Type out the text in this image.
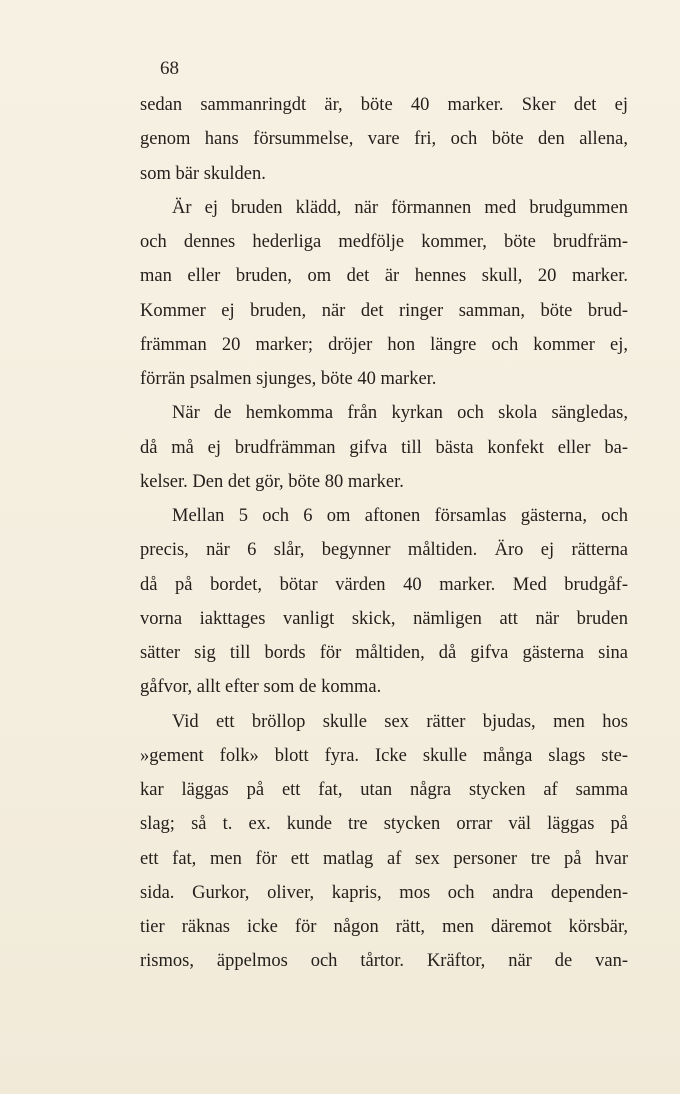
68
sedan sammanringdt är, böte 40 marker. Sker det ej
genom hans försummelse, vare fri, och böte den allena,
som bär skulden.
Är ej bruden klädd, när förmannen med brudgummen
och dennes hederliga medfölje kommer, böte brudfräm-
man eller bruden, om det är hennes skull, 20 marker.
Kommer ej bruden, när det ringer samman, böte brud-
främman 20 marker; dröjer hon längre och kommer ej,
förrän psalmen sjunges, böte 40 marker.
När de hemkomma från kyrkan och skola sängledas,
då må ej brudfrämman gifva till bästa konfekt eller ba-
kelser. Den det gör, böte 80 marker.
Mellan 5 och 6 om aftonen församlas gästerna, och
precis, när 6 slår, begynner måltiden. Äro ej rätterna
då på bordet, bötar värden 40 marker. Med brudgåf-
vorna iakttages vanligt skick, nämligen att när bruden
sätter sig till bords för måltiden, då gifva gästerna sina
gåfvor, allt efter som de komma.
Vid ett bröllop skulle sex rätter bjudas, men hos
»gement folk» blott fyra. Icke skulle många slags ste-
kar läggas på ett fat, utan några stycken af samma
slag; så t. ex. kunde tre stycken orrar väl läggas på
ett fat, men för ett matlag af sex personer tre på hvar
sida. Gurkor, oliver, kapris, mos och andra dependen-
tier räknas icke för någon rätt, men däremot körsbär,
rismos, äppelmos och tårtor. Kräftor, när de van-
